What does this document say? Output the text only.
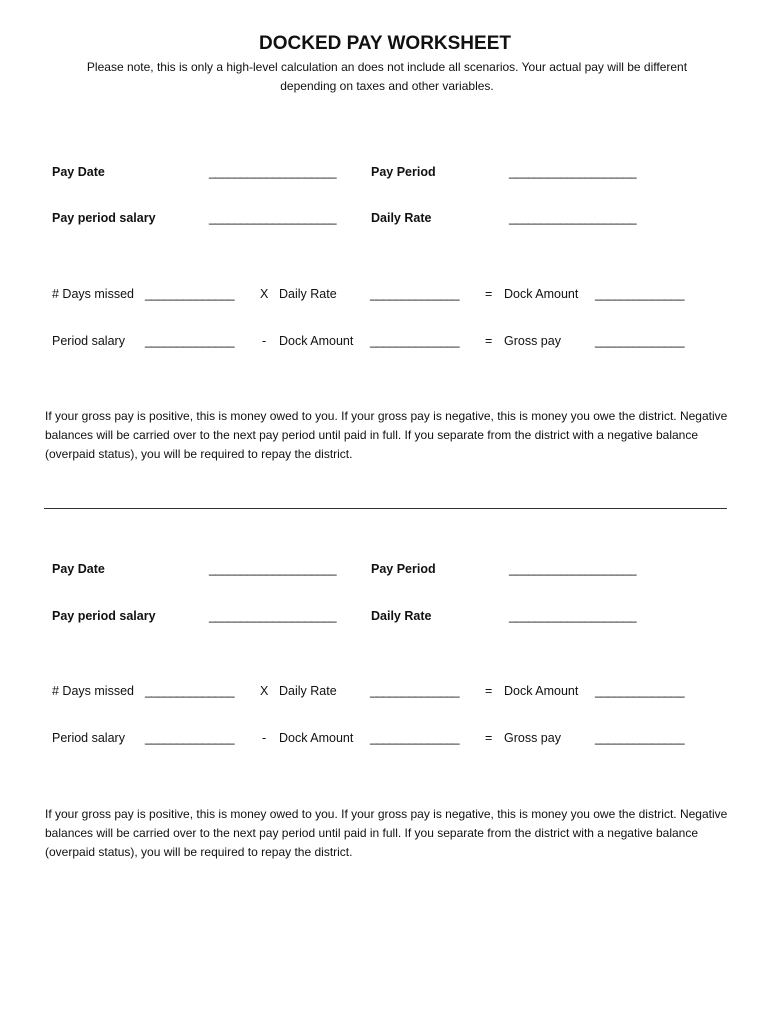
DOCKED PAY WORKSHEET
Please note, this is only a high-level calculation an does not include all scenarios. Your actual pay will be different depending on taxes and other variables.
Pay Date	____________________	Pay Period	____________________
Pay period salary	____________________	Daily Rate	____________________
# Days missed ______________ X Daily Rate	______________ = Dock Amount ______________
Period salary ______________ - Dock Amount ______________ = Gross pay	______________
If your gross pay is positive, this is money owed to you. If your gross pay is negative, this is money you owe the district. Negative balances will be carried over to the next pay period until paid in full. If you separate from the district with a negative balance (overpaid status), you will be required to repay the district.
Pay Date	____________________	Pay Period	____________________
Pay period salary	____________________	Daily Rate	____________________
# Days missed ______________ X Daily Rate	______________ = Dock Amount ______________
Period salary ______________ - Dock Amount ______________ = Gross pay	______________
If your gross pay is positive, this is money owed to you. If your gross pay is negative, this is money you owe the district. Negative balances will be carried over to the next pay period until paid in full. If you separate from the district with a negative balance (overpaid status), you will be required to repay the district.
